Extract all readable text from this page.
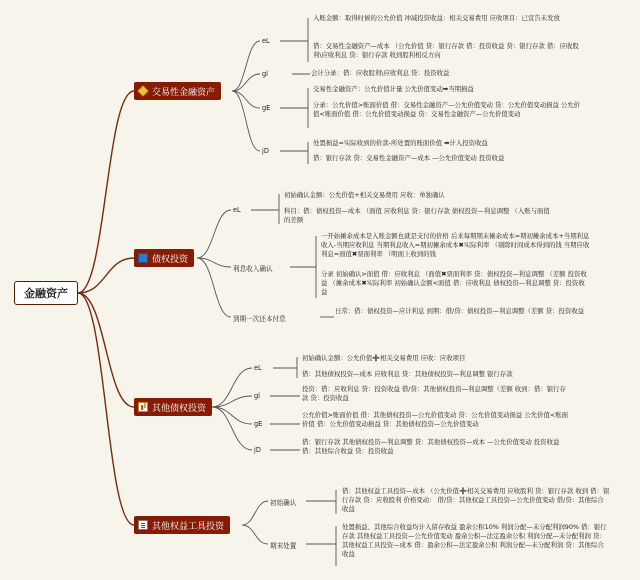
金融资产
交易性金融资产
债权投资
其他债权投资
其他权益工具投资
eL
入账金额：取得时候的公允价值 冲减投资收益：相关交易费用 应收项目：已宣告未发放
借：交易性金融资产—成本 （公允价值 贷：银行存款 借：投资收益 贷：银行存款 借：应收股利\应收利息 贷：银行存款 收到股利相反方向
gl	会计分录：借：应收股利\应收利息 贷：投资收益
gE
交易性金融资产：公允价值计量 公允价值变动➡当期损益
分录：公允价值>账面价值 借：交易性金融资产—公允价值变动 贷：公允价值变动损益 公允价值<账面价值 借：公允价值变动损益 贷：交易性金融资产—公允价值变动
jD
处置损益=实际收到的价款-所处置的账面价值 ➡计入投资收益
借：银行存款 贷：交易性金融资产—成本 —公允价值变动 投资收益
eL
初始确认金额：公允价值+相关交易费用 应收：单独确认
科目：借：债权投资—成本 （面值 应收利息 贷：银行存款 债权投资—利息调整 （入账与面值的差额
利息收入确认
一开始摊余成本是入账金额也就是支付的价格 后来每期期末摊余成本=期初摊余成本+当期利息收入-当期应收利息 当期利息收入=期初摊余成本✖实际利率 （剔除时间成本得到的钱 当期应收利息=面值✖票面利率 （明面上收到的钱
分录 初始确认>面值 借：应收利息 （面值✖票面利率 贷：债权投资—利息调整 （差额 投资收益 （摊余成本✖实际利率 初始确认金额<面值 借：应收利息 债权投资—利息调整 贷：投资收益
到期一次还本付息
日常：借：债权投资—应计利息 到期：借/贷：债权投资—利息调整（差额 贷：投资收益
eL
初始确认金额：公允价值➕相关交易费用 应收：应收项目
借：其他债权投资—成本 应收利息 贷：其他债权投资—利息调整 银行存款
gl
投资：借：应收利息 贷：投资收益 借/贷：其他债权投资—利息调整（差额 收到：借：银行存款 贷：投资收益
gE
公允价值>账面价值 借：其他债权投资—公允价值变动 贷：公允价值变动损益 公允价值<账面价值 借：公允价值变动损益 贷：其他债权投资—公允价值变动
jD
借：银行存款 其他债权投资—利息调整 贷：其他债权投资—成本 —公允价值变动 投资收益 借：其他综合收益 贷：投资收益
初始确认
借：其他权益工具投资—成本 （公允价值➕相关交易费用 应收股利 贷：银行存款 收到 借：银行存款 贷：应收股利 价格变动： 借/贷：其他权益工具投资—公允价值变动 借/贷：其他综合收益
期末处置
处置损益、其他综合收益均计入留存收益 盈余公积10% 利润分配—未分配利润90% 借：银行存款 其他权益工具投资—公允价值变动 盈余公积—法定盈余公积 利润分配—未分配利润 贷：其他权益工具投资—成本 借：盈余公积—法定盈余公积 利润分配—未分配利润 贷：其他综合收益
